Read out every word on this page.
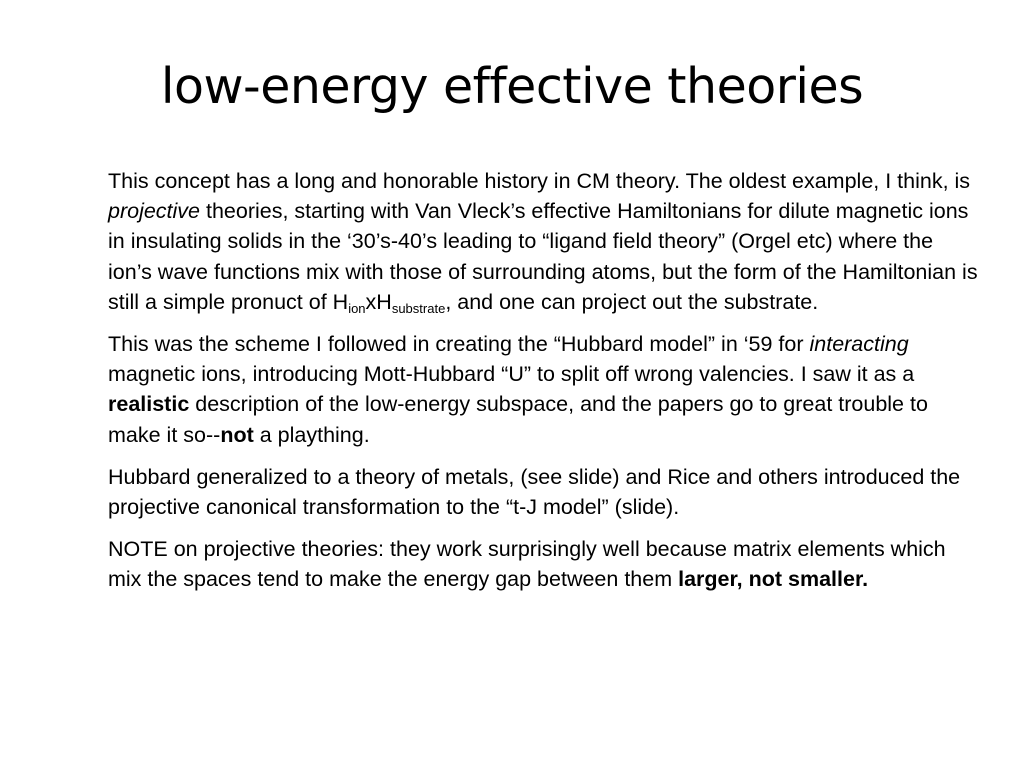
low-energy effective theories

This concept has a long and honorable history in CM theory. The oldest example, I think, is projective theories, starting with Van Vleck’s effective Hamiltonians for dilute magnetic ions in insulating solids in the ‘30’s-40’s leading to “ligand field theory” (Orgel etc) where the ion’s wave functions mix with those of surrounding atoms, but the form of the Hamiltonian is still a simple pronuct of $H_{ion}xH_{substrate}$, and one can project out the substrate.

This was the scheme I followed in creating the “Hubbard model” in ‘59 for interacting magnetic ions, introducing Mott-Hubbard “U” to split off wrong valencies. I saw it as a realistic description of the low-energy subspace, and the papers go to great trouble to make it so--not a plaything.

Hubbard generalized to a theory of metals, (see slide) and Rice and others introduced the projective canonical transformation to the “t-J model” (slide).

NOTE on projective theories: they work surprisingly well because matrix elements which mix the spaces tend to make the energy gap between them larger, not smaller.
